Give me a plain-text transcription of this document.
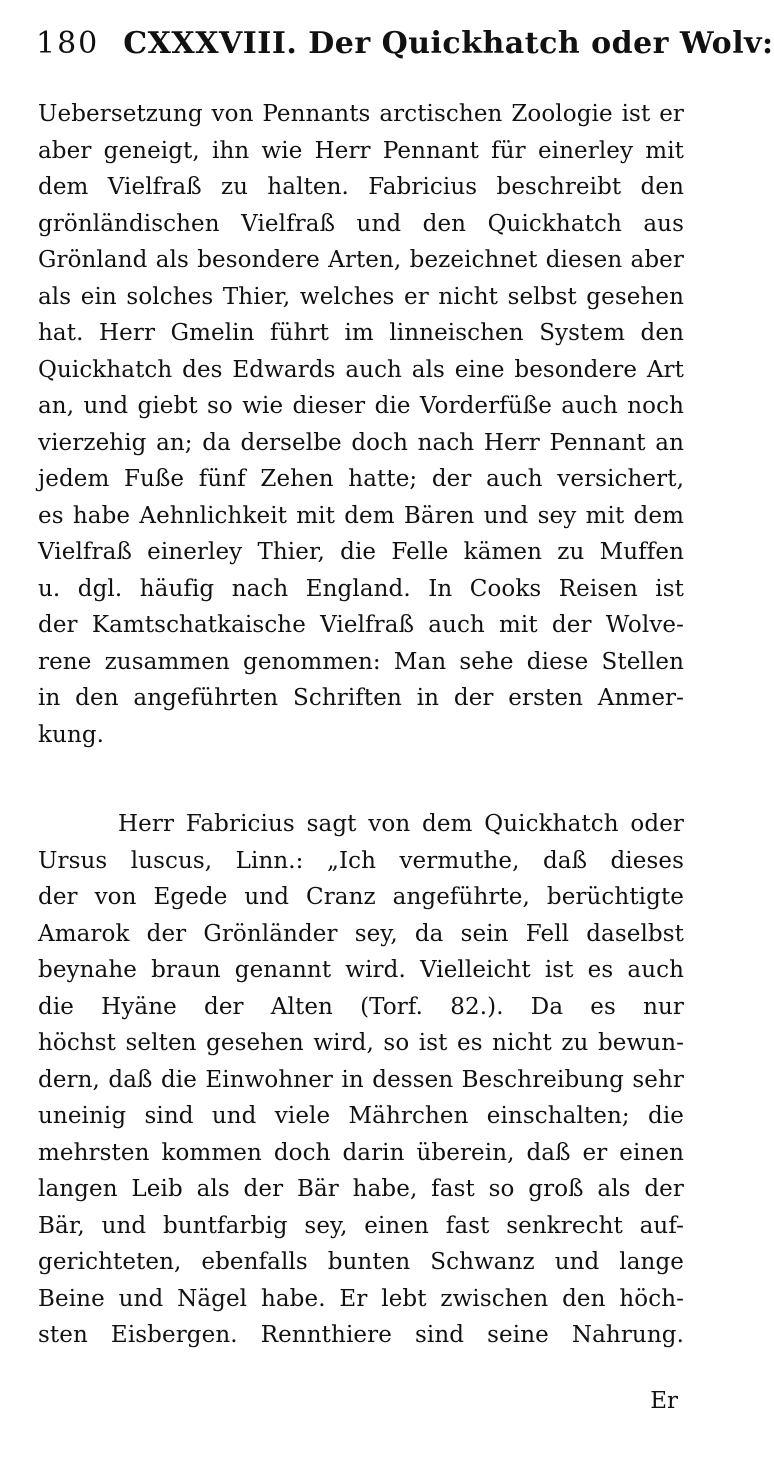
180 CXXXVIII. Der Quickhatch oder Wolv:
Uebersetzung von Pennants arctischen Zoologie ist er
aber geneigt, ihn wie Herr Pennant für einerley mit
dem Vielfraß zu halten. Fabricius beschreibt den
grönländischen Vielfraß und den Quickhatch aus
Grönland als besondere Arten, bezeichnet diesen aber
als ein solches Thier, welches er nicht selbst gesehen
hat. Herr Gmelin führt im linneischen System den
Quickhatch des Edwards auch als eine besondere Art
an, und giebt so wie dieser die Vorderfüße auch noch
vierzehig an; da derselbe doch nach Herr Pennant an
jedem Fuße fünf Zehen hatte; der auch versichert,
es habe Aehnlichkeit mit dem Bären und sey mit dem
Vielfraß einerley Thier, die Felle kämen zu Muffen
u. dgl. häufig nach England. In Cooks Reisen ist
der Kamtschatkaische Vielfraß auch mit der Wolve-
rene zusammen genommen: Man sehe diese Stellen
in den angeführten Schriften in der ersten Anmer-
kung.
Herr Fabricius sagt von dem Quickhatch oder
Ursus luscus, Linn.: „Ich vermuthe, daß dieses
der von Egede und Cranz angeführte, berüchtigte
Amarok der Grönländer sey, da sein Fell daselbst
beynahe braun genannt wird. Vielleicht ist es auch
die Hyäne der Alten (Torf. 82.). Da es nur
höchst selten gesehen wird, so ist es nicht zu bewun-
dern, daß die Einwohner in dessen Beschreibung sehr
uneinig sind und viele Mährchen einschalten; die
mehrsten kommen doch darin überein, daß er einen
langen Leib als der Bär habe, fast so groß als der
Bär, und buntfarbig sey, einen fast senkrecht auf-
gerichteten, ebenfalls bunten Schwanz und lange
Beine und Nägel habe. Er lebt zwischen den höch-
sten Eisbergen. Rennthiere sind seine Nahrung.
Er
